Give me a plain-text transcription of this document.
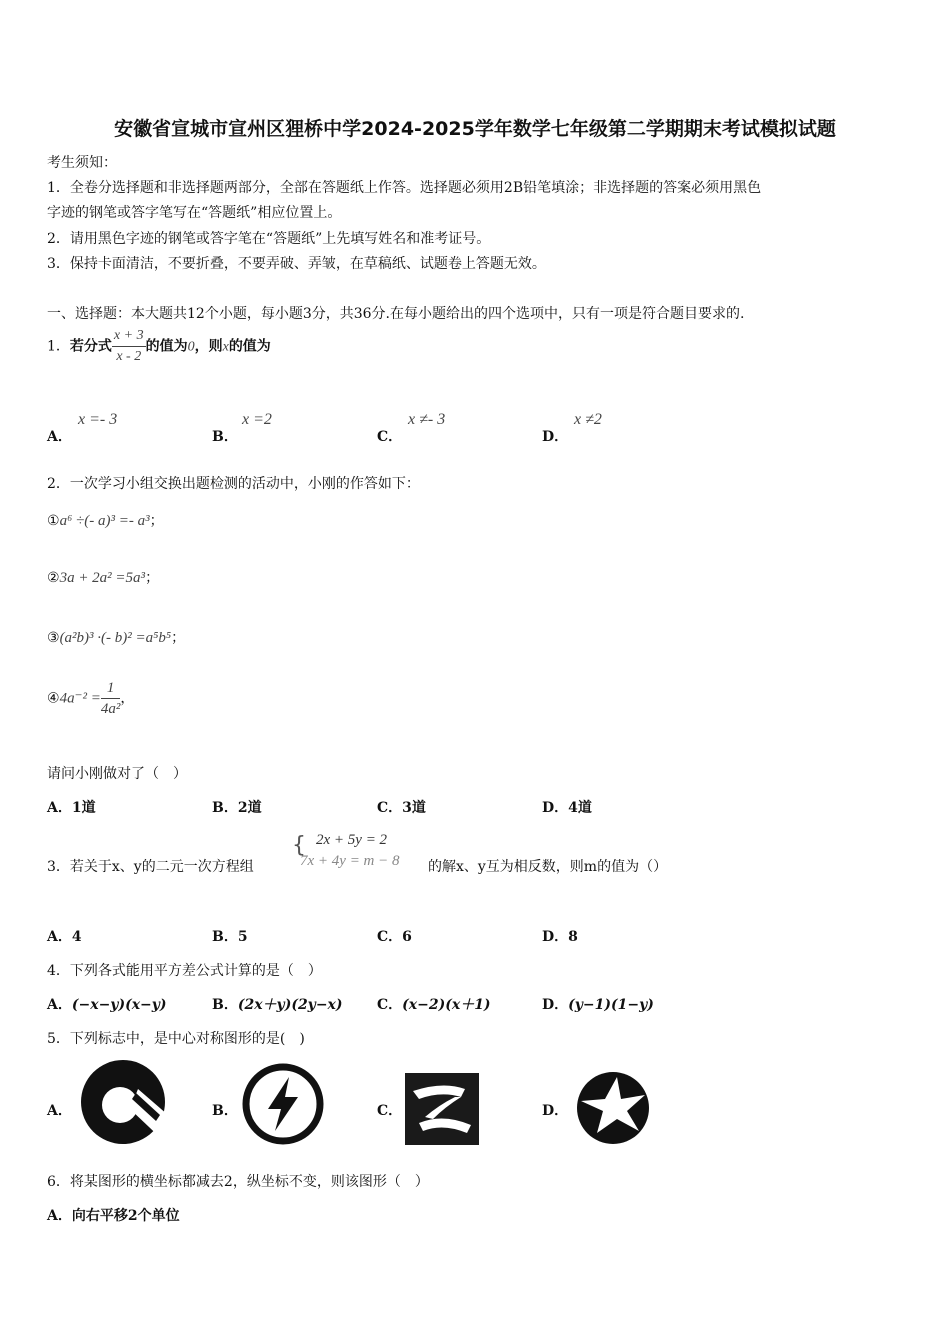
安徽省宣城市宣州区狸桥中学2024-2025学年数学七年级第二学期期末考试模拟试题
考生须知：
1．全卷分选择题和非选择题两部分，全部在答题纸上作答。选择题必须用2B铅笔填涂；非选择题的答案必须用黑色
字迹的钢笔或答字笔写在“答题纸”相应位置上。
2．请用黑色字迹的钢笔或答字笔在“答题纸”上先填写姓名和准考证号。
3．保持卡面清洁，不要折叠，不要弄破、弄皱，在草稿纸、试题卷上答题无效。
一、选择题：本大题共12个小题，每小题3分，共36分.在每小题给出的四个选项中，只有一项是符合题目要求的.
1．若分式 $\frac{x + 3}{x - 2}$ 的值为0，则x的值为
A．
x =- 3
B．
x =2
C．
x ≠- 3
D．
x ≠2
2．一次学习小组交换出题检测的活动中，小刚的作答如下：
①a⁶ ÷(- a)³ =- a³；
②3a + 2a² =5a³；
③(a²b)³ ·(- b)² =a⁵b⁵；
④4a⁻² = $\frac{1}{\text{4a²}}$ ，
请问小刚做对了（　）
A．1道	B．2道	C．3道	D．4道
3．若关于x、y的二元一次方程组
{ 2x + 5y = 2
7x + 4y = m − 8 的解x、y互为相反数，则m的值为（）
A．4	B．5	C．6	D．8
4．下列各式能用平方差公式计算的是（　）
A．(−x−y)(x−y)	B．(2x＋y)(2y−x) C．(x−2)(x＋1)	D．(y−1)(1−y)
5．下列标志中，是中心对称图形的是(　)
A．	B．	C．	D．
6．将某图形的横坐标都减去2，纵坐标不变，则该图形（　）
A．向右平移2个单位
